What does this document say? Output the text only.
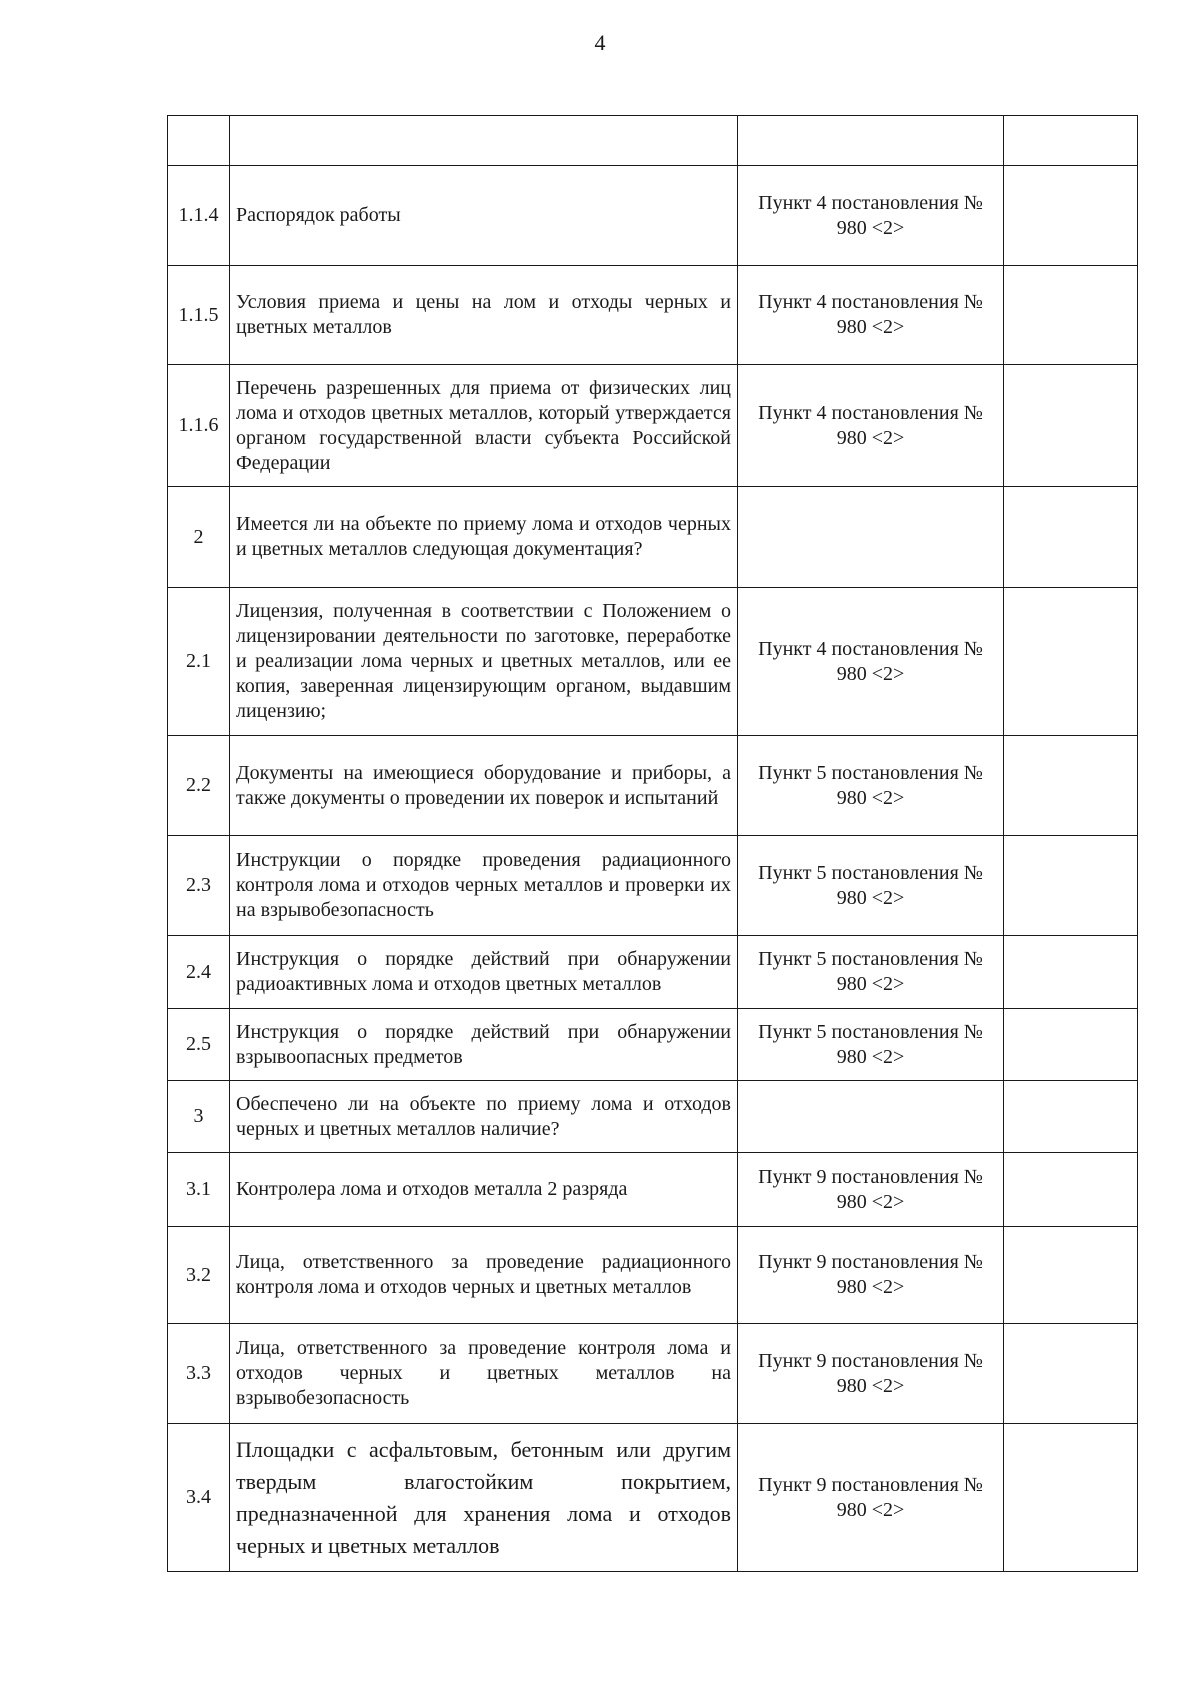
4

1.1.4	Распорядок работы	Пункт 4 постановления № 980 <2>	
1.1.5	Условия приема и цены на лом и отходы черных и цветных металлов	Пункт 4 постановления № 980 <2>	
1.1.6	Перечень разрешенных для приема от физических лиц лома и отходов цветных металлов, который утверждается органом государственной власти субъекта Российской Федерации	Пункт 4 постановления № 980 <2>	
2	Имеется ли на объекте по приему лома и отходов черных и цветных металлов следующая документация?		
2.1	Лицензия, полученная в соответствии с Положением о лицензировании деятельности по заготовке, переработке и реализации лома черных и цветных металлов, или ее копия, заверенная лицензирующим органом, выдавшим лицензию;	Пункт 4 постановления № 980 <2>	
2.2	Документы на имеющиеся оборудование и приборы, а также документы о проведении их поверок и испытаний	Пункт 5 постановления № 980 <2>	
2.3	Инструкции о порядке проведения радиационного контроля лома и отходов черных металлов и проверки их на взрывобезопасность	Пункт 5 постановления № 980 <2>	
2.4	Инструкция о порядке действий при обнаружении радиоактивных лома и отходов цветных металлов	Пункт 5 постановления № 980 <2>	
2.5	Инструкция о порядке действий при обнаружении взрывоопасных предметов	Пункт 5 постановления № 980 <2>	
3	Обеспечено ли на объекте по приему лома и отходов черных и цветных металлов наличие?		
3.1	Контролера лома и отходов металла 2 разряда	Пункт 9 постановления № 980 <2>	
3.2	Лица, ответственного за проведение радиационного контроля лома и отходов черных и цветных металлов	Пункт 9 постановления № 980 <2>	
3.3	Лица, ответственного за проведение контроля лома и отходов черных и цветных металлов на взрывобезопасность	Пункт 9 постановления № 980 <2>	
3.4	Площадки с асфальтовым, бетонным или другим твердым влагостойким покрытием, предназначенной для хранения лома и отходов черных и цветных металлов	Пункт 9 постановления № 980 <2>	
